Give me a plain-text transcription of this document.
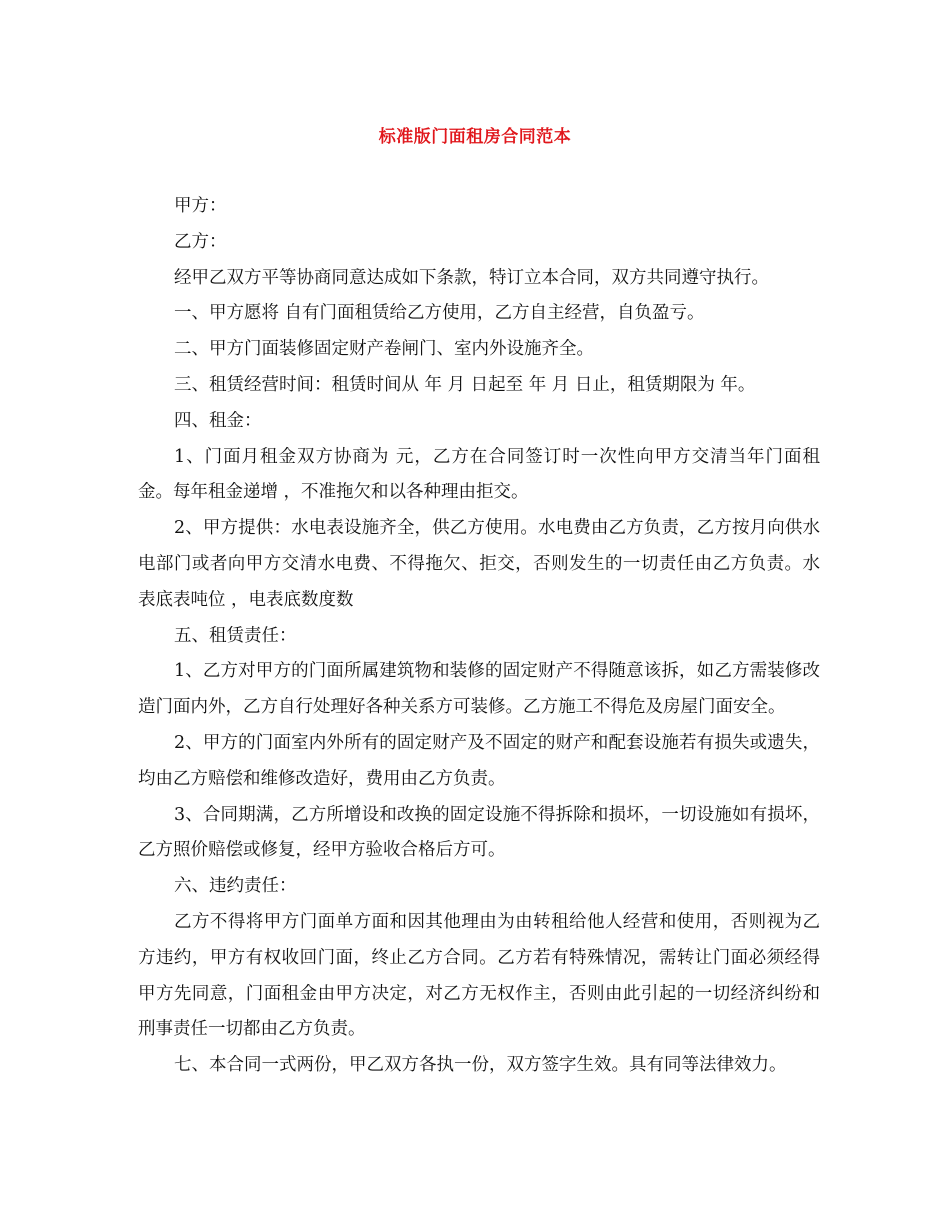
标准版门面租房合同范本

甲方：

乙方：

经甲乙双方平等协商同意达成如下条款，特订立本合同，双方共同遵守执行。

一、甲方愿将 自有门面租赁给乙方使用，乙方自主经营，自负盈亏。

二、甲方门面装修固定财产卷闸门、室内外设施齐全。

三、租赁经营时间：租赁时间从 年 月 日起至 年 月 日止，租赁期限为 年。

四、租金：

1、门面月租金双方协商为 元，乙方在合同签订时一次性向甲方交清当年门面租金。每年租金递增 ，不准拖欠和以各种理由拒交。

2、甲方提供：水电表设施齐全，供乙方使用。水电费由乙方负责，乙方按月向供水电部门或者向甲方交清水电费、不得拖欠、拒交，否则发生的一切责任由乙方负责。水表底表吨位 ，电表底数度数

五、租赁责任：

1、乙方对甲方的门面所属建筑物和装修的固定财产不得随意该拆，如乙方需装修改造门面内外，乙方自行处理好各种关系方可装修。乙方施工不得危及房屋门面安全。

2、甲方的门面室内外所有的固定财产及不固定的财产和配套设施若有损失或遗失，均由乙方赔偿和维修改造好，费用由乙方负责。

3、合同期满，乙方所增设和改换的固定设施不得拆除和损坏，一切设施如有损坏，乙方照价赔偿或修复，经甲方验收合格后方可。

六、违约责任：

乙方不得将甲方门面单方面和因其他理由为由转租给他人经营和使用，否则视为乙方违约，甲方有权收回门面，终止乙方合同。乙方若有特殊情况，需转让门面必须经得甲方先同意，门面租金由甲方决定，对乙方无权作主，否则由此引起的一切经济纠纷和刑事责任一切都由乙方负责。

七、本合同一式两份，甲乙双方各执一份，双方签字生效。具有同等法律效力。
